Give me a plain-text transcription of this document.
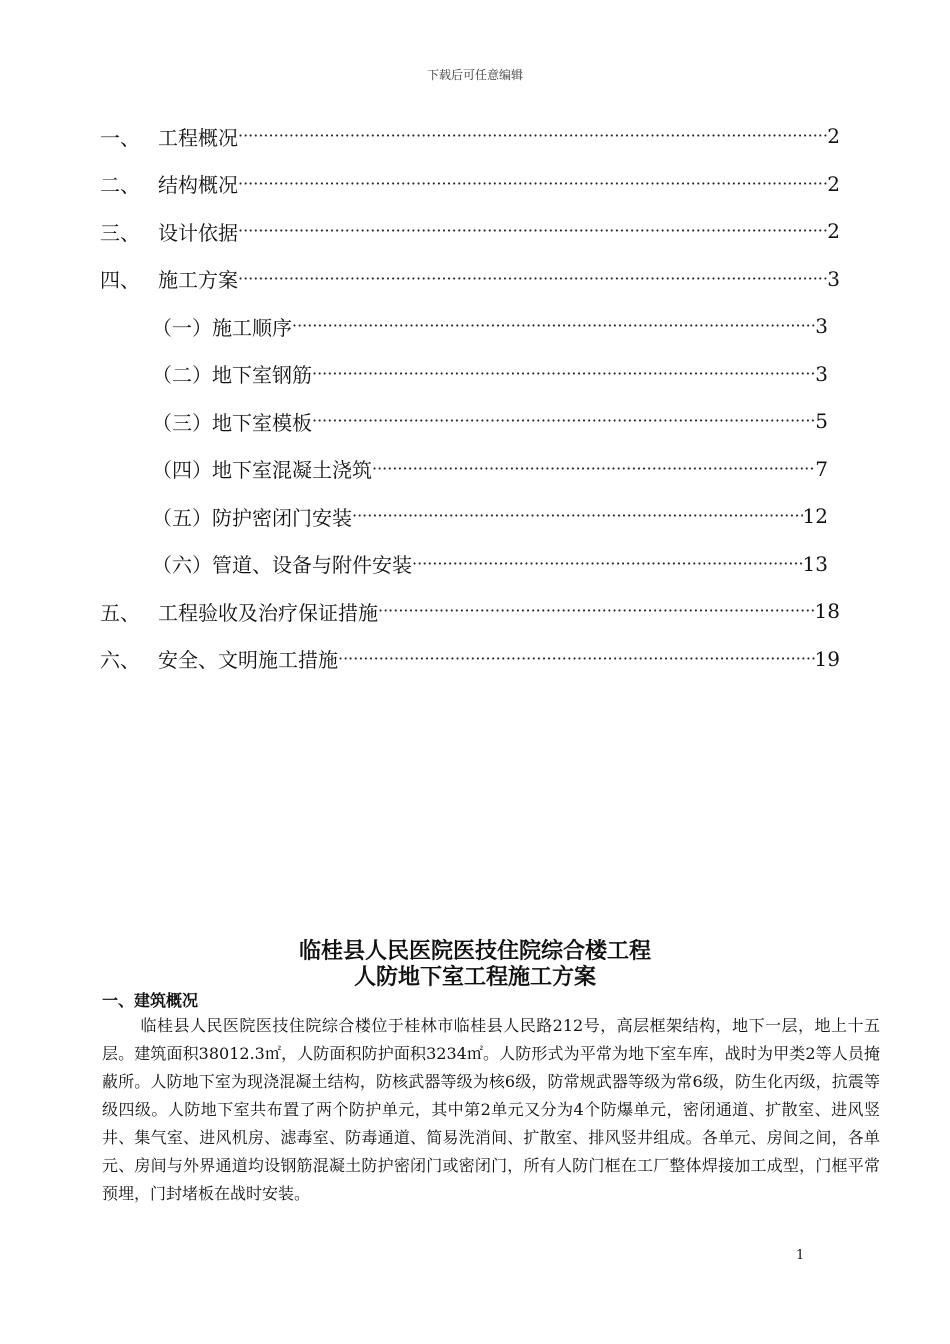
下载后可任意编辑
一、 工程概况 ·····	2
二、 结构概况 ·····	2
三、 设计依据 ·····	2
四、 施工方案 ·····	3
（一） 施工顺序 ·····	3
（二） 地下室钢筋 ·····	3
（三） 地下室模板 ·····	5
（四） 地下室混凝土浇筑 ·····	7
（五） 防护密闭门安装 ·····	12
（六） 管道、设备与附件安装 ·····	13
五、 工程验收及治疗保证措施 ·····	18
六、 安全、文明施工措施 ·····	19
临桂县人民医院医技住院综合楼工程
人防地下室工程施工方案
一、建筑概况
临桂县人民医院医技住院综合楼位于桂林市临桂县人民路212号，高层框架结构，地下一层，地上十五层。建筑面积38012.3㎡，人防面积防护面积3234㎡。人防形式为平常为地下室车库，战时为甲类2等人员掩蔽所。人防地下室为现浇混凝土结构，防核武器等级为核6级，防常规武器等级为常6级，防生化丙级，抗震等级四级。人防地下室共布置了两个防护单元，其中第2单元又分为4个防爆单元，密闭通道、扩散室、进风竖井、集气室、进风机房、滤毒室、防毒通道、简易洗消间、扩散室、排风竖井组成。各单元、房间之间，各单元、房间与外界通道均设钢筋混凝土防护密闭门或密闭门，所有人防门框在工厂整体焊接加工成型，门框平常预埋，门封堵板在战时安装。
1
